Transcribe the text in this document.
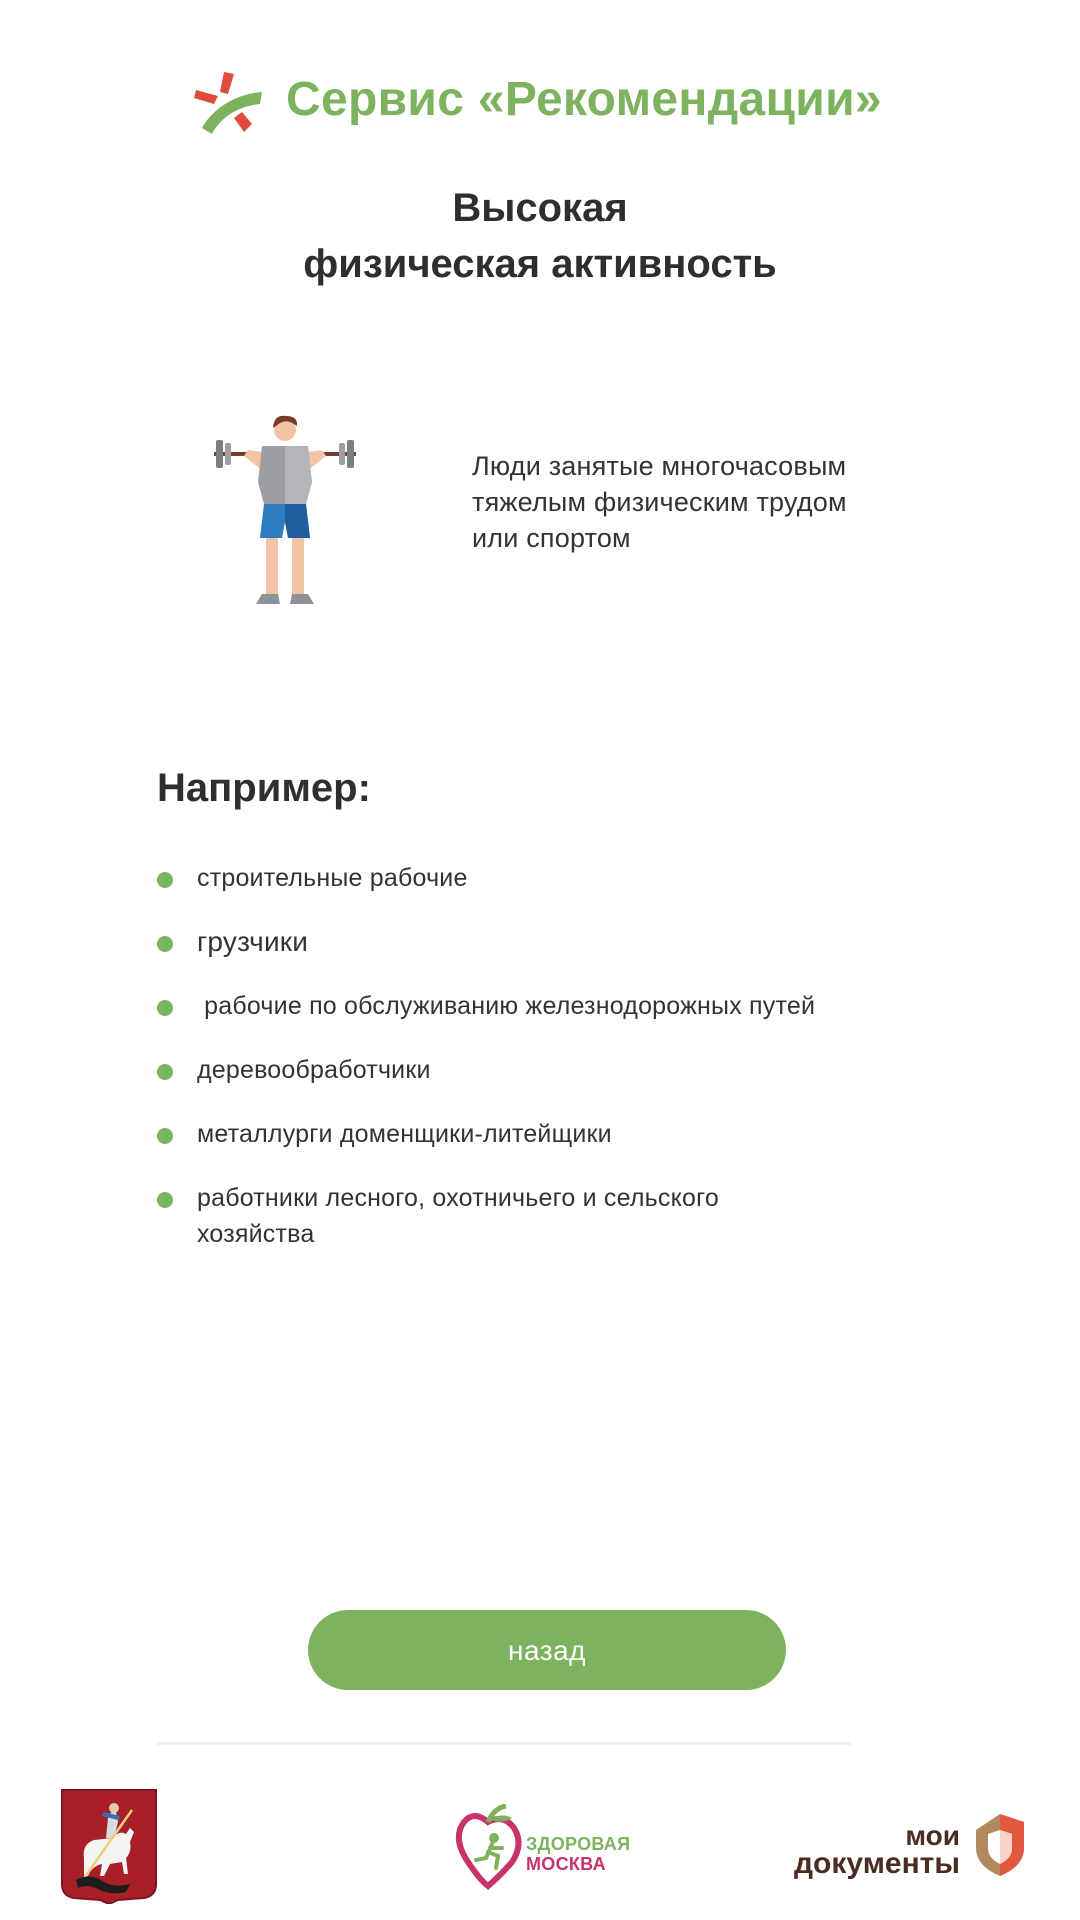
Сервис «Рекомендации»
Высокая
физическая активность
Люди занятые многочасовым
тяжелым физическим трудом
или спортом
Например:
строительные рабочие
грузчики
рабочие по обслуживанию железнодорожных путей
деревообработчики
металлурги доменщики-литейщики
работники лесного, охотничьего и сельского хозяйства
назад
ЗДОРОВАЯ
МОСКВА
мои
документы
